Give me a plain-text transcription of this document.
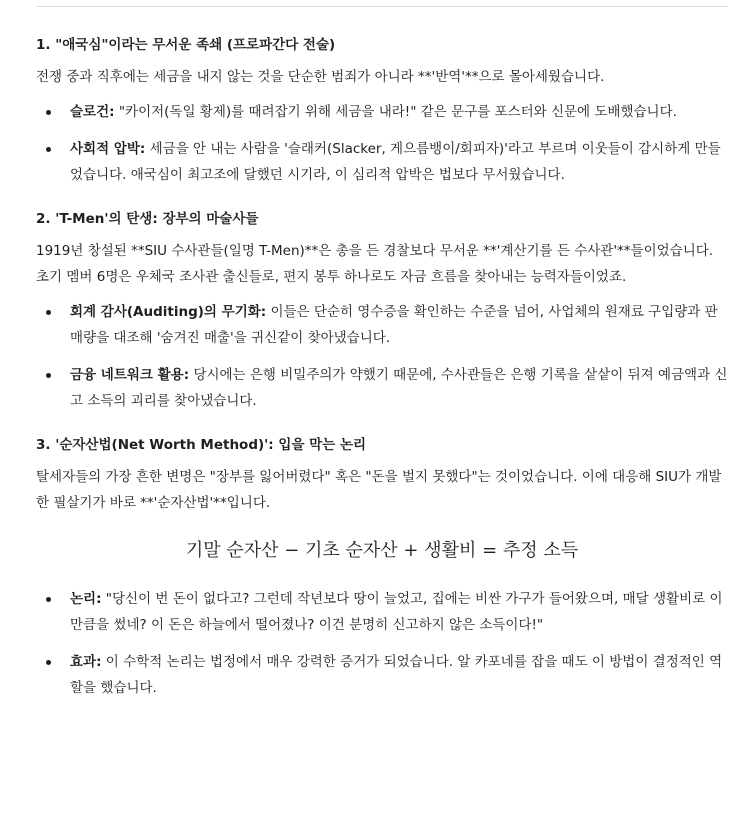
1. "애국심"이라는 무서운 족쇄 (프로파간다 전술)

전쟁 중과 직후에는 세금을 내지 않는 것을 단순한 범죄가 아니라 **'반역'**으로 몰아세웠습니다.

슬로건: "카이저(독일 황제)를 때려잡기 위해 세금을 내라!" 같은 문구를 포스터와 신문에 도배했습니다.
사회적 압박: 세금을 안 내는 사람을 '슬래커(Slacker, 게으름뱅이/회피자)'라고 부르며 이웃들이 감시하게 만들었습니다. 애국심이 최고조에 달했던 시기라, 이 심리적 압박은 법보다 무서웠습니다.
2. 'T-Men'의 탄생: 장부의 마술사들

1919년 창설된 **SIU 수사관들(일명 T-Men)**은 총을 든 경찰보다 무서운 **'계산기를 든 수사관'**들이었습니다. 초기 멤버 6명은 우체국 조사관 출신들로, 편지 봉투 하나로도 자금 흐름을 찾아내는 능력자들이었죠.

회계 감사(Auditing)의 무기화: 이들은 단순히 영수증을 확인하는 수준을 넘어, 사업체의 원재료 구입량과 판매량을 대조해 '숨겨진 매출'을 귀신같이 찾아냈습니다.
금융 네트워크 활용: 당시에는 은행 비밀주의가 약했기 때문에, 수사관들은 은행 기록을 샅샅이 뒤져 예금액과 신고 소득의 괴리를 찾아냈습니다.
3. '순자산법(Net Worth Method)': 입을 막는 논리

탈세자들의 가장 흔한 변명은 "장부를 잃어버렸다" 혹은 "돈을 벌지 못했다"는 것이었습니다. 이에 대응해 SIU가 개발한 필살기가 바로 **'순자산법'**입니다.

기말 순자산 − 기초 순자산 + 생활비 = 추정 소득
논리: "당신이 번 돈이 없다고? 그런데 작년보다 땅이 늘었고, 집에는 비싼 가구가 들어왔으며, 매달 생활비로 이만큼을 썼네? 이 돈은 하늘에서 떨어졌나? 이건 분명히 신고하지 않은 소득이다!"
효과: 이 수학적 논리는 법정에서 매우 강력한 증거가 되었습니다. 알 카포네를 잡을 때도 이 방법이 결정적인 역할을 했습니다.
